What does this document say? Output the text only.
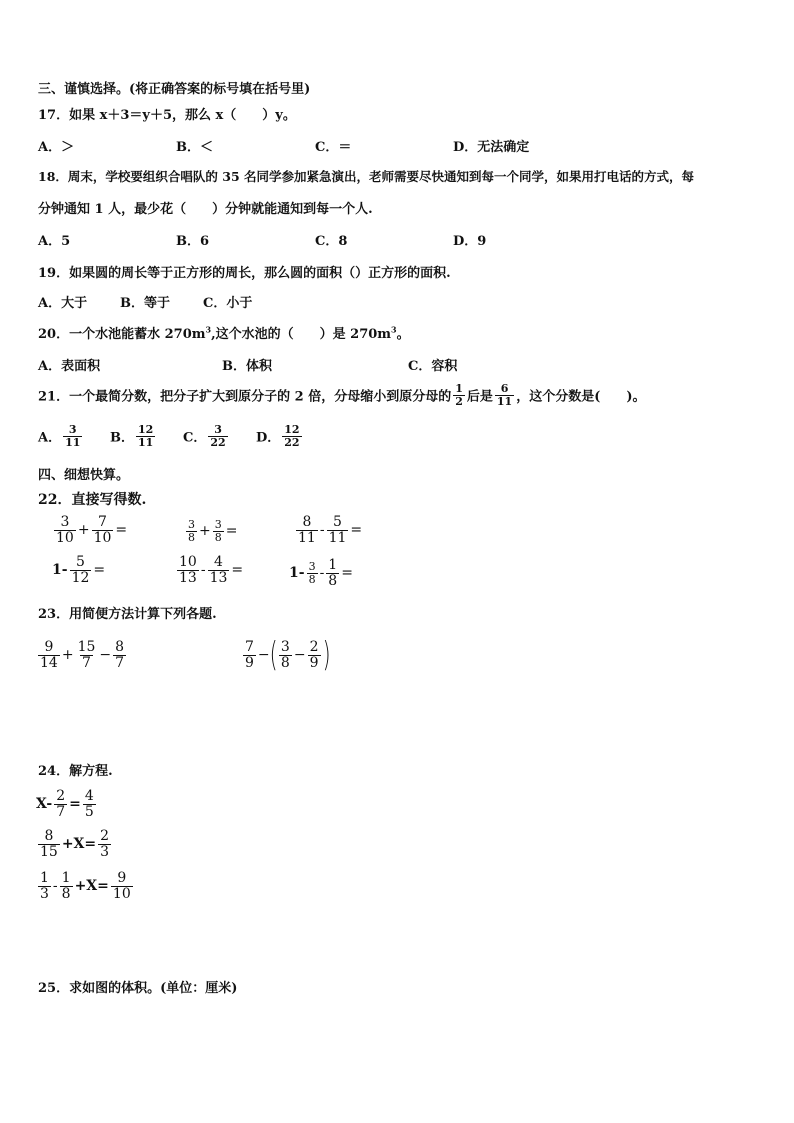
三、谨慎选择。(将正确答案的标号填在括号里)
17．如果 x＋3＝y＋5，那么 x（　　）y。
A．＞	B．＜	C．＝	D．无法确定
18．周末，学校要组织合唱队的 35 名同学参加紧急演出，老师需要尽快通知到每一个同学，如果用打电话的方式，每
分钟通知 1 人，最少花（　　）分钟就能通知到每一个人.
A．5	B．6	C．8	D．9
19．如果圆的周长等于正方形的周长，那么圆的面积（）正方形的面积.
A．大于	B．等于	C．小于
20．一个水池能蓄水 $270m^3$,这个水池的（　　）是 $270m^3$。
A．表面积	B．体积	C．容积
21．一个最简分数，把分子扩大到原分子的 2 倍，分母缩小到原分母的 $\frac{1}{2}$ 后是 $\frac{6}{11}$ ，这个分数是(　　)。
A． $\frac{3}{11}$ B． $\frac{12}{11}$ C． $\frac{3}{22}$ D． $\frac{12}{22}$
四、细想快算。
22．直接写得数.
$\frac{3}{10} + \frac{7}{10}$ =	$\frac{3}{8} + \frac{3}{8}$ =	$\frac{8}{11} - \frac{5}{11}$ =
$1- \frac{5}{12}$ =	$\frac{10}{13} - \frac{4}{13}$ =	$1- \frac{3}{8} - \frac{1}{8}$ =
23．用简便方法计算下列各题.
$\frac{9}{14} + \frac{15}{7} - \frac{8}{7}$	$\frac{7}{9}$ −( $\frac{3}{8} - \frac{2}{9}$ )
24．解方程.
$X- \frac{2}{7} = \frac{4}{5}$
$\frac{8}{15} +X= \frac{2}{3}$
$\frac{1}{3} - \frac{1}{8} +X= \frac{9}{10}$
25．求如图的体积。(单位：厘米)
